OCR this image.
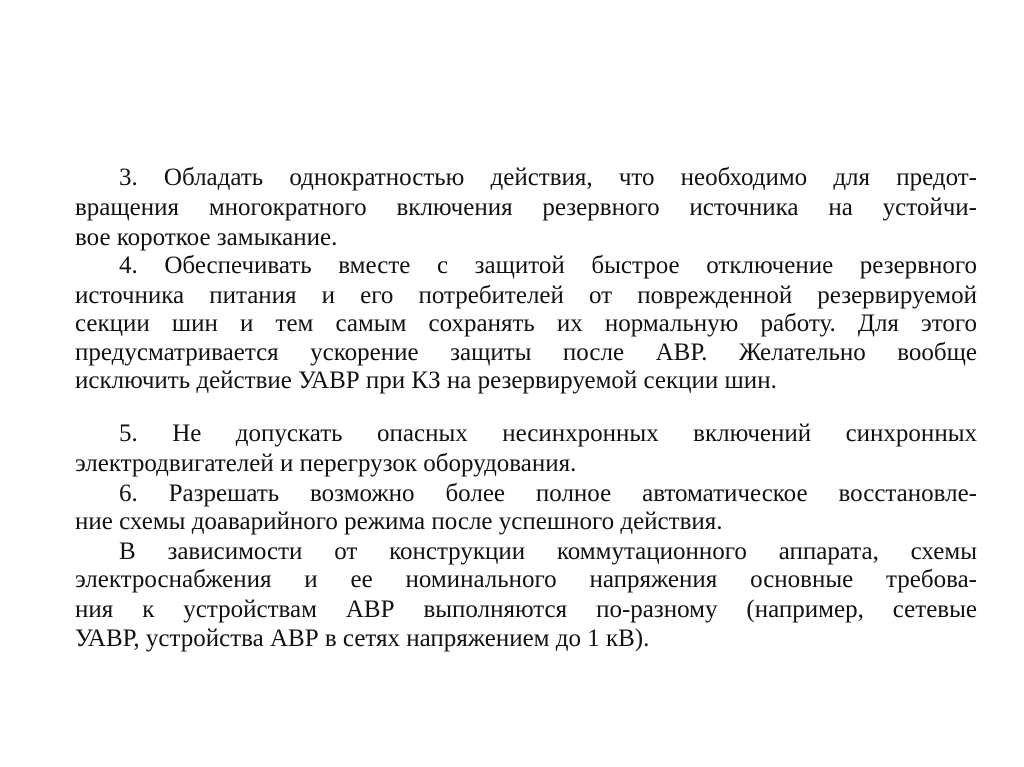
3. Обладать однократностью действия, что необходимо для предот-
вращения многократного включения резервного источника на устойчи-
вое короткое замыкание.
4. Обеспечивать вместе с защитой быстрое отключение резервного
источника питания и его потребителей от поврежденной резервируемой
секции шин и тем самым сохранять их нормальную работу. Для этого
предусматривается ускорение защиты после АВР. Желательно вообще
исключить действие УАВР при КЗ на резервируемой секции шин.
5. Не допускать опасных несинхронных включений синхронных
электродвигателей и перегрузок оборудования.
6. Разрешать возможно более полное автоматическое восстановле-
ние схемы доаварийного режима после успешного действия.
В зависимости от конструкции коммутационного аппарата, схемы
электроснабжения и ее номинального напряжения основные требова-
ния к устройствам АВР выполняются по-разному (например, сетевые
УАВР, устройства АВР в сетях напряжением до 1 кВ).
